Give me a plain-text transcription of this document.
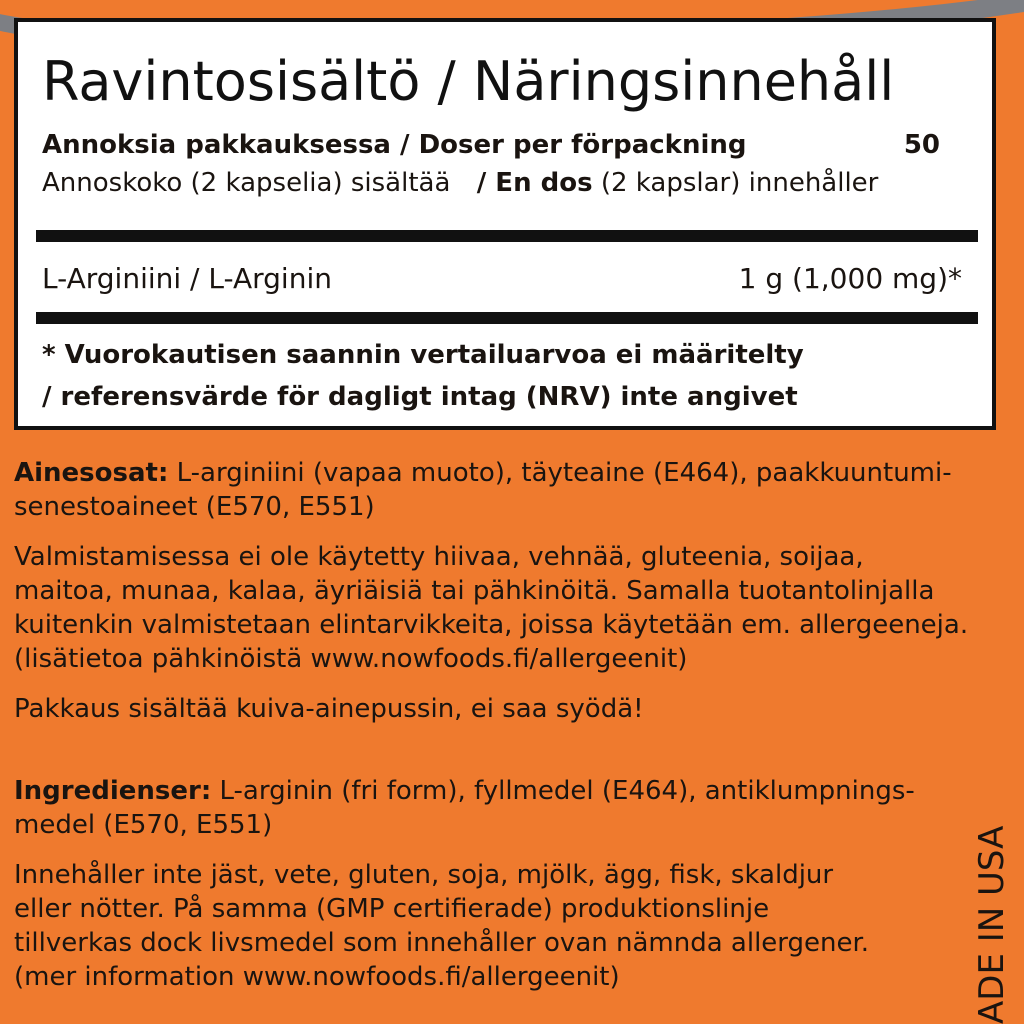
Ravintosisältö / Näringsinnehåll
Annoksia pakkauksessa / Doser per förpackning	50
Annoskoko (2 kapselia) sisältää   / En dos (2 kapslar) innehåller
L-Arginiini / L-Arginin	1 g (1,000 mg)*
* Vuorokautisen saannin vertailuarvoa ei määritelty
/ referensvärde för dagligt intag (NRV) inte angivet

Ainesosat: L-arginiini (vapaa muoto), täyteaine (E464), paakkuuntumi-
senestoaineet (E570, E551)

Valmistamisessa ei ole käytetty hiivaa, vehnää, gluteenia, soijaa,
maitoa, munaa, kalaa, äyriäisiä tai pähkinöitä. Samalla tuotantolinjalla
kuitenkin valmistetaan elintarvikkeita, joissa käytetään em. allergeeneja.
(lisätietoa pähkinöistä www.nowfoods.fi/allergeenit)

Pakkaus sisältää kuiva-ainepussin, ei saa syödä!

Ingredienser: L-arginin (fri form), fyllmedel (E464), antiklumpnings-
medel (E570, E551)

Innehåller inte jäst, vete, gluten, soja, mjölk, ägg, fisk, skaldjur
eller nötter. På samma (GMP certifierade) produktionslinje
tillverkas dock livsmedel som innehåller ovan nämnda allergener.
(mer information www.nowfoods.fi/allergeenit)	ADE IN USA
